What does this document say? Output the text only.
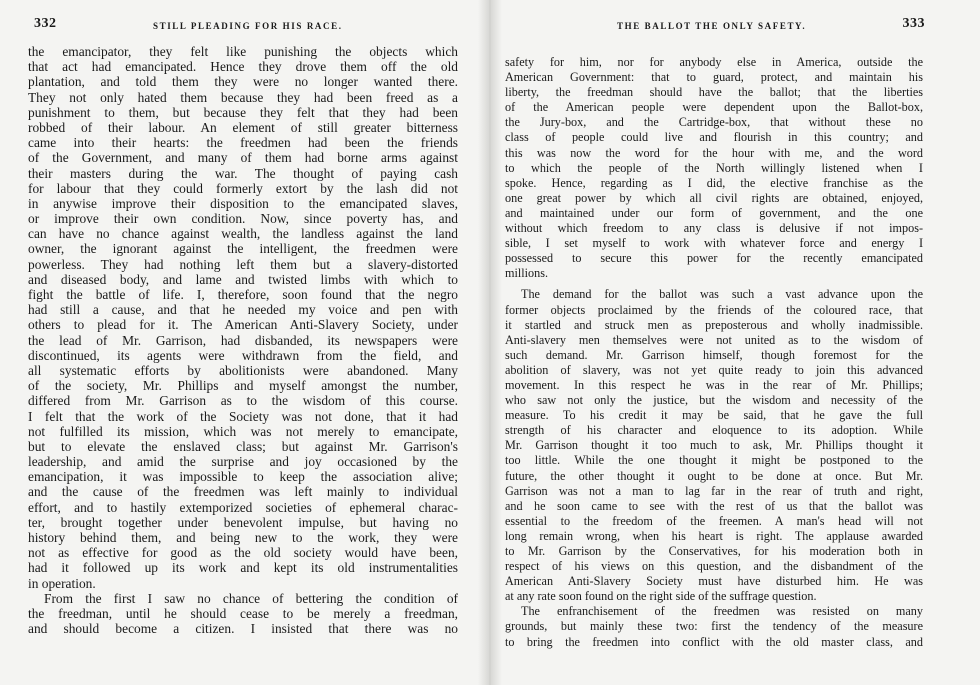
332	STILL PLEADING FOR HIS RACE.
the emancipator, they felt like punishing the objects which
that act had emancipated. Hence they drove them off the old
plantation, and told them they were no longer wanted there.
They not only hated them because they had been freed as a
punishment to them, but because they felt that they had been
robbed of their labour. An element of still greater bitterness
came into their hearts: the freedmen had been the friends
of the Government, and many of them had borne arms against
their masters during the war. The thought of paying cash
for labour that they could formerly extort by the lash did not
in anywise improve their disposition to the emancipated slaves,
or improve their own condition. Now, since poverty has, and
can have no chance against wealth, the landless against the land
owner, the ignorant against the intelligent, the freedmen were
powerless. They had nothing left them but a slavery-distorted
and diseased body, and lame and twisted limbs with which to
fight the battle of life. I, therefore, soon found that the negro
had still a cause, and that he needed my voice and pen with
others to plead for it. The American Anti-Slavery Society, under
the lead of Mr. Garrison, had disbanded, its newspapers were
discontinued, its agents were withdrawn from the field, and
all systematic efforts by abolitionists were abandoned. Many
of the society, Mr. Phillips and myself amongst the number,
differed from Mr. Garrison as to the wisdom of this course.
I felt that the work of the Society was not done, that it had
not fulfilled its mission, which was not merely to emancipate,
but to elevate the enslaved class; but against Mr. Garrison's
leadership, and amid the surprise and joy occasioned by the
emancipation, it was impossible to keep the association alive;
and the cause of the freedmen was left mainly to individual
effort, and to hastily extemporized societies of ephemeral charac-
ter, brought together under benevolent impulse, but having no
history behind them, and being new to the work, they were
not as effective for good as the old society would have been,
had it followed up its work and kept its old instrumentalities
in operation.
From the first I saw no chance of bettering the condition of
the freedman, until he should cease to be merely a freedman,
and should become a citizen. I insisted that there was no
THE BALLOT THE ONLY SAFETY.	333
safety for him, nor for anybody else in America, outside the
American Government: that to guard, protect, and maintain his
liberty, the freedman should have the ballot; that the liberties
of the American people were dependent upon the Ballot-box,
the Jury-box, and the Cartridge-box, that without these no
class of people could live and flourish in this country; and
this was now the word for the hour with me, and the word
to which the people of the North willingly listened when I
spoke. Hence, regarding as I did, the elective franchise as the
one great power by which all civil rights are obtained, enjoyed,
and maintained under our form of government, and the one
without which freedom to any class is delusive if not impos-
sible, I set myself to work with whatever force and energy I
possessed to secure this power for the recently emancipated
millions.
The demand for the ballot was such a vast advance upon the
former objects proclaimed by the friends of the coloured race, that
it startled and struck men as preposterous and wholly inadmissible.
Anti-slavery men themselves were not united as to the wisdom of
such demand. Mr. Garrison himself, though foremost for the
abolition of slavery, was not yet quite ready to join this advanced
movement. In this respect he was in the rear of Mr. Phillips;
who saw not only the justice, but the wisdom and necessity of the
measure. To his credit it may be said, that he gave the full
strength of his character and eloquence to its adoption. While
Mr. Garrison thought it too much to ask, Mr. Phillips thought it
too little. While the one thought it might be postponed to the
future, the other thought it ought to be done at once. But Mr.
Garrison was not a man to lag far in the rear of truth and right,
and he soon came to see with the rest of us that the ballot was
essential to the freedom of the freemen. A man's head will not
long remain wrong, when his heart is right. The applause awarded
to Mr. Garrison by the Conservatives, for his moderation both in
respect of his views on this question, and the disbandment of the
American Anti-Slavery Society must have disturbed him. He was
at any rate soon found on the right side of the suffrage question.
The enfranchisement of the freedmen was resisted on many
grounds, but mainly these two: first the tendency of the measure
to bring the freedmen into conflict with the old master class, and
